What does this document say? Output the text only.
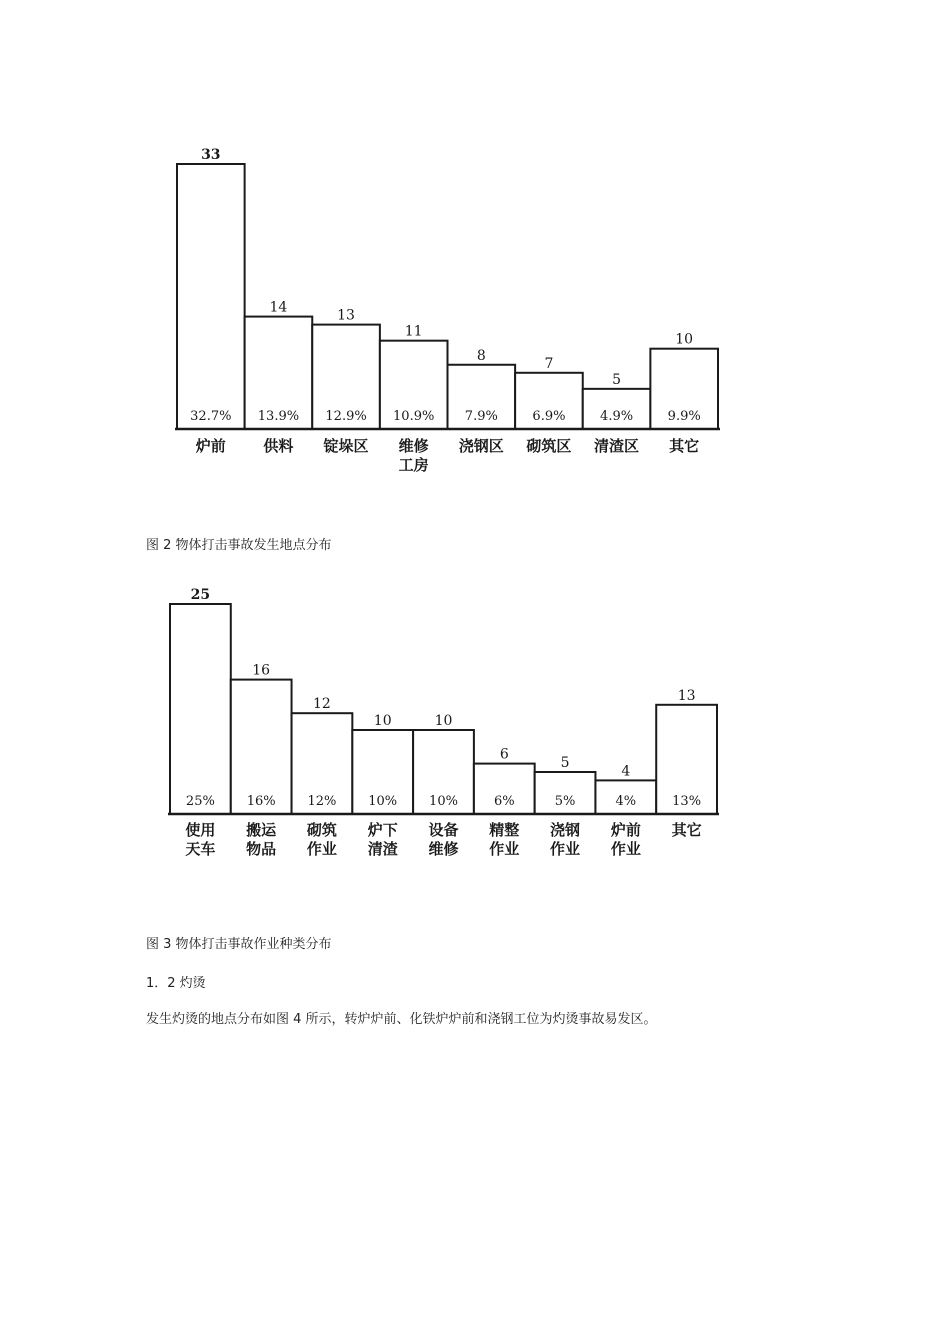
33
32.7%
炉前
14
13.9%
供料
13
12.9%
锭垛区
11
10.9%
维修
工房
8
7.9%
浇钢区
7
6.9%
砌筑区
5
4.9%
清渣区
10
9.9%
其它
图 2 物体打击事故发生地点分布
25
25%
使用
天车
16
16%
搬运
物品
12
12%
砌筑
作业
10
10%
炉下
清渣
10
10%
设备
维修
6
6%
精整
作业
5
5%
浇钢
作业
4
4%
炉前
作业
13
13%
其它
图 3 物体打击事故作业种类分布
1．2 灼烫
发生灼烫的地点分布如图 4 所示，转炉炉前、化铁炉炉前和浇钢工位为灼烫事故易发区。
